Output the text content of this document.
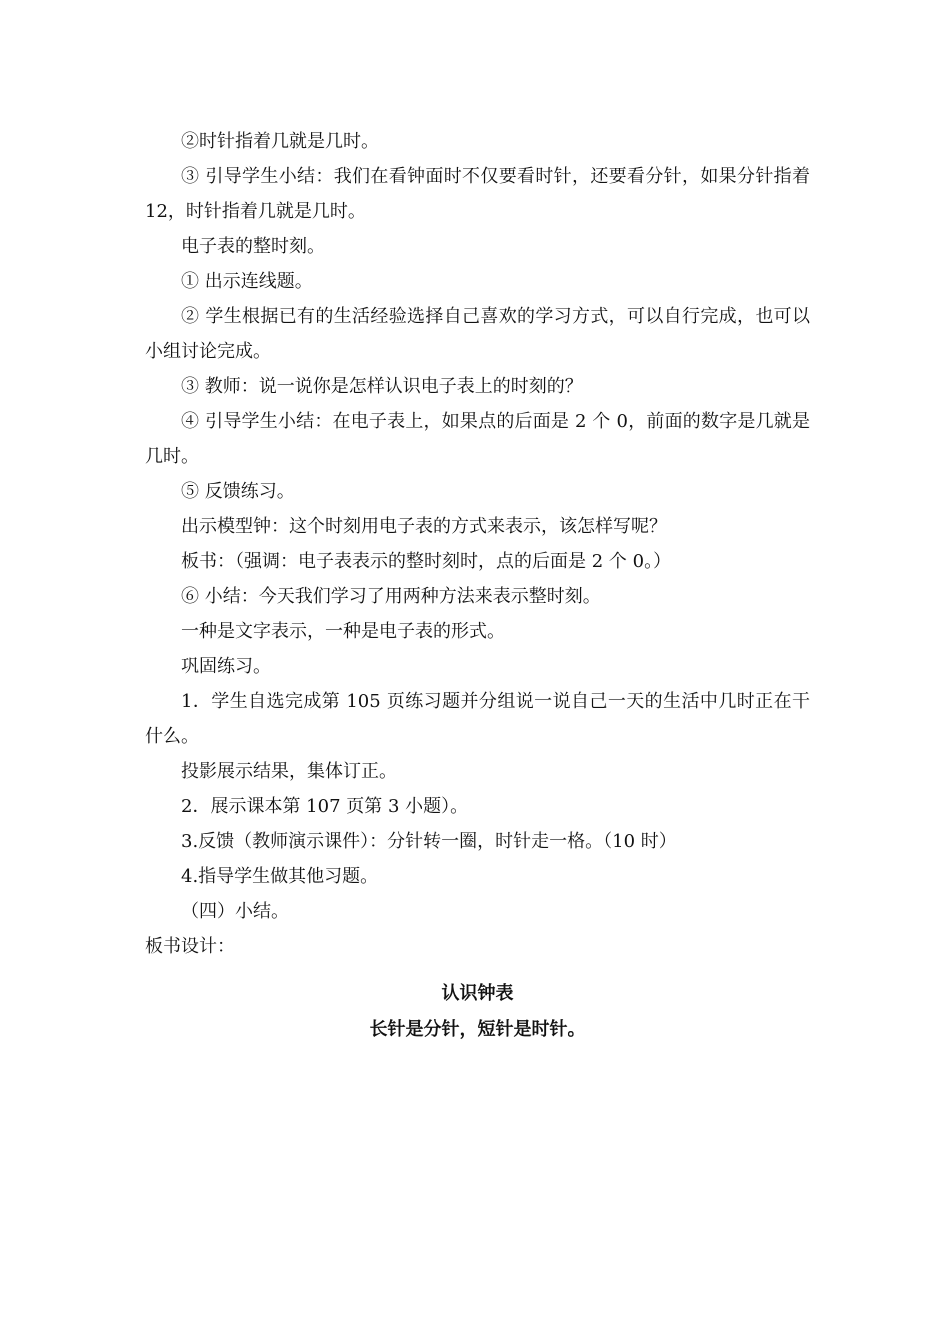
②时针指着几就是几时。

③ 引导学生小结：我们在看钟面时不仅要看时针，还要看分针，如果分针指着12，时针指着几就是几时。

电子表的整时刻。

① 出示连线题。

② 学生根据已有的生活经验选择自己喜欢的学习方式，可以自行完成，也可以小组讨论完成。

③ 教师：说一说你是怎样认识电子表上的时刻的？

④ 引导学生小结：在电子表上，如果点的后面是 2 个 0，前面的数字是几就是几时。

⑤ 反馈练习。

出示模型钟：这个时刻用电子表的方式来表示，该怎样写呢？

板书：（强调：电子表表示的整时刻时，点的后面是 2 个 0。）

⑥ 小结：今天我们学习了用两种方法来表示整时刻。

一种是文字表示，一种是电子表的形式。

巩固练习。

1．学生自选完成第 105 页练习题并分组说一说自己一天的生活中几时正在干什么。

投影展示结果，集体订正。

2．展示课本第 107 页第 3 小题）。

3.反馈（教师演示课件）：分针转一圈，时针走一格。（10 时）

4.指导学生做其他习题。

（四）小结。

板书设计：

认识钟表

长针是分针，短针是时针。
